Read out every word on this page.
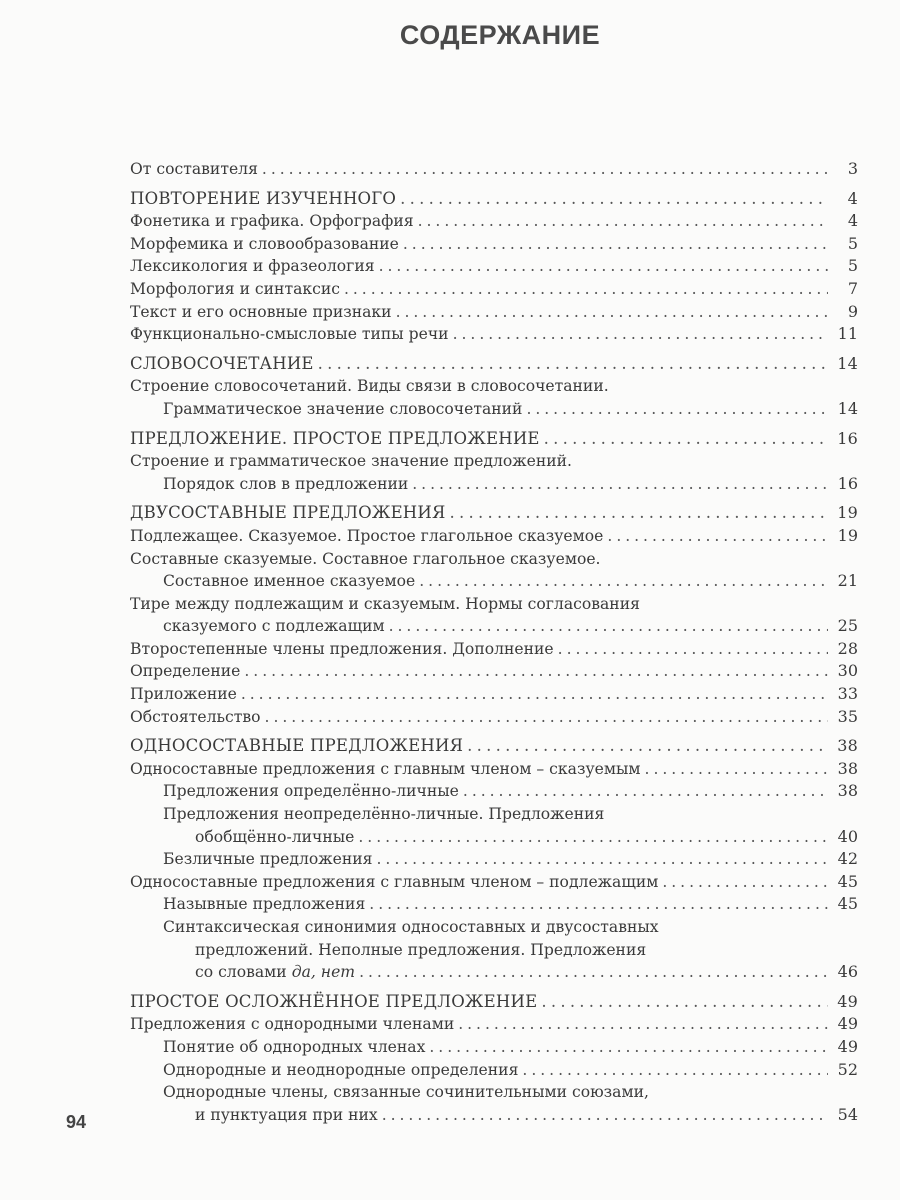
СОДЕРЖАНИЕ
От составителя . . .	3
ПОВТОРЕНИЕ ИЗУЧЕННОГО . . .	4
Фонетика и графика. Орфография . . .	4
Морфемика и словообразование . . .	5
Лексикология и фразеология . . .	5
Морфология и синтаксис . . .	7
Текст и его основные признаки . . .	9
Функционально-смысловые типы речи . . .	11
СЛОВОСОЧЕТАНИЕ . . .	14
Строение словосочетаний. Виды связи в словосочетании.
Грамматическое значение словосочетаний . . .	14
ПРЕДЛОЖЕНИЕ. ПРОСТОЕ ПРЕДЛОЖЕНИЕ . . .	16
Строение и грамматическое значение предложений.
Порядок слов в предложении . . .	16
ДВУСОСТАВНЫЕ ПРЕДЛОЖЕНИЯ . . .	19
Подлежащее. Сказуемое. Простое глагольное сказуемое . . .	19
Составные сказуемые. Составное глагольное сказуемое.
Составное именное сказуемое . . .	21
Тире между подлежащим и сказуемым. Нормы согласования
сказуемого с подлежащим . . .	25
Второстепенные члены предложения. Дополнение . . .	28
Определение . . .	30
Приложение . . .	33
Обстоятельство . . .	35
ОДНОСОСТАВНЫЕ ПРЕДЛОЖЕНИЯ . . .	38
Односоставные предложения с главным членом – сказуемым . . .	38
Предложения определённо-личные . . .	38
Предложения неопределённо-личные. Предложения
обобщённо-личные . . .	40
Безличные предложения . . .	42
Односоставные предложения с главным членом – подлежащим . . .	45
Назывные предложения . . .	45
Синтаксическая синонимия односоставных и двусоставных
предложений. Неполные предложения. Предложения
со словами да, нет . . .	46
ПРОСТОЕ ОСЛОЖНЁННОЕ ПРЕДЛОЖЕНИЕ . . .	49
Предложения с однородными членами . . .	49
Понятие об однородных членах . . .	49
Однородные и неоднородные определения . . .	52
Однородные члены, связанные сочинительными союзами,
и пунктуация при них . . .	54
94
